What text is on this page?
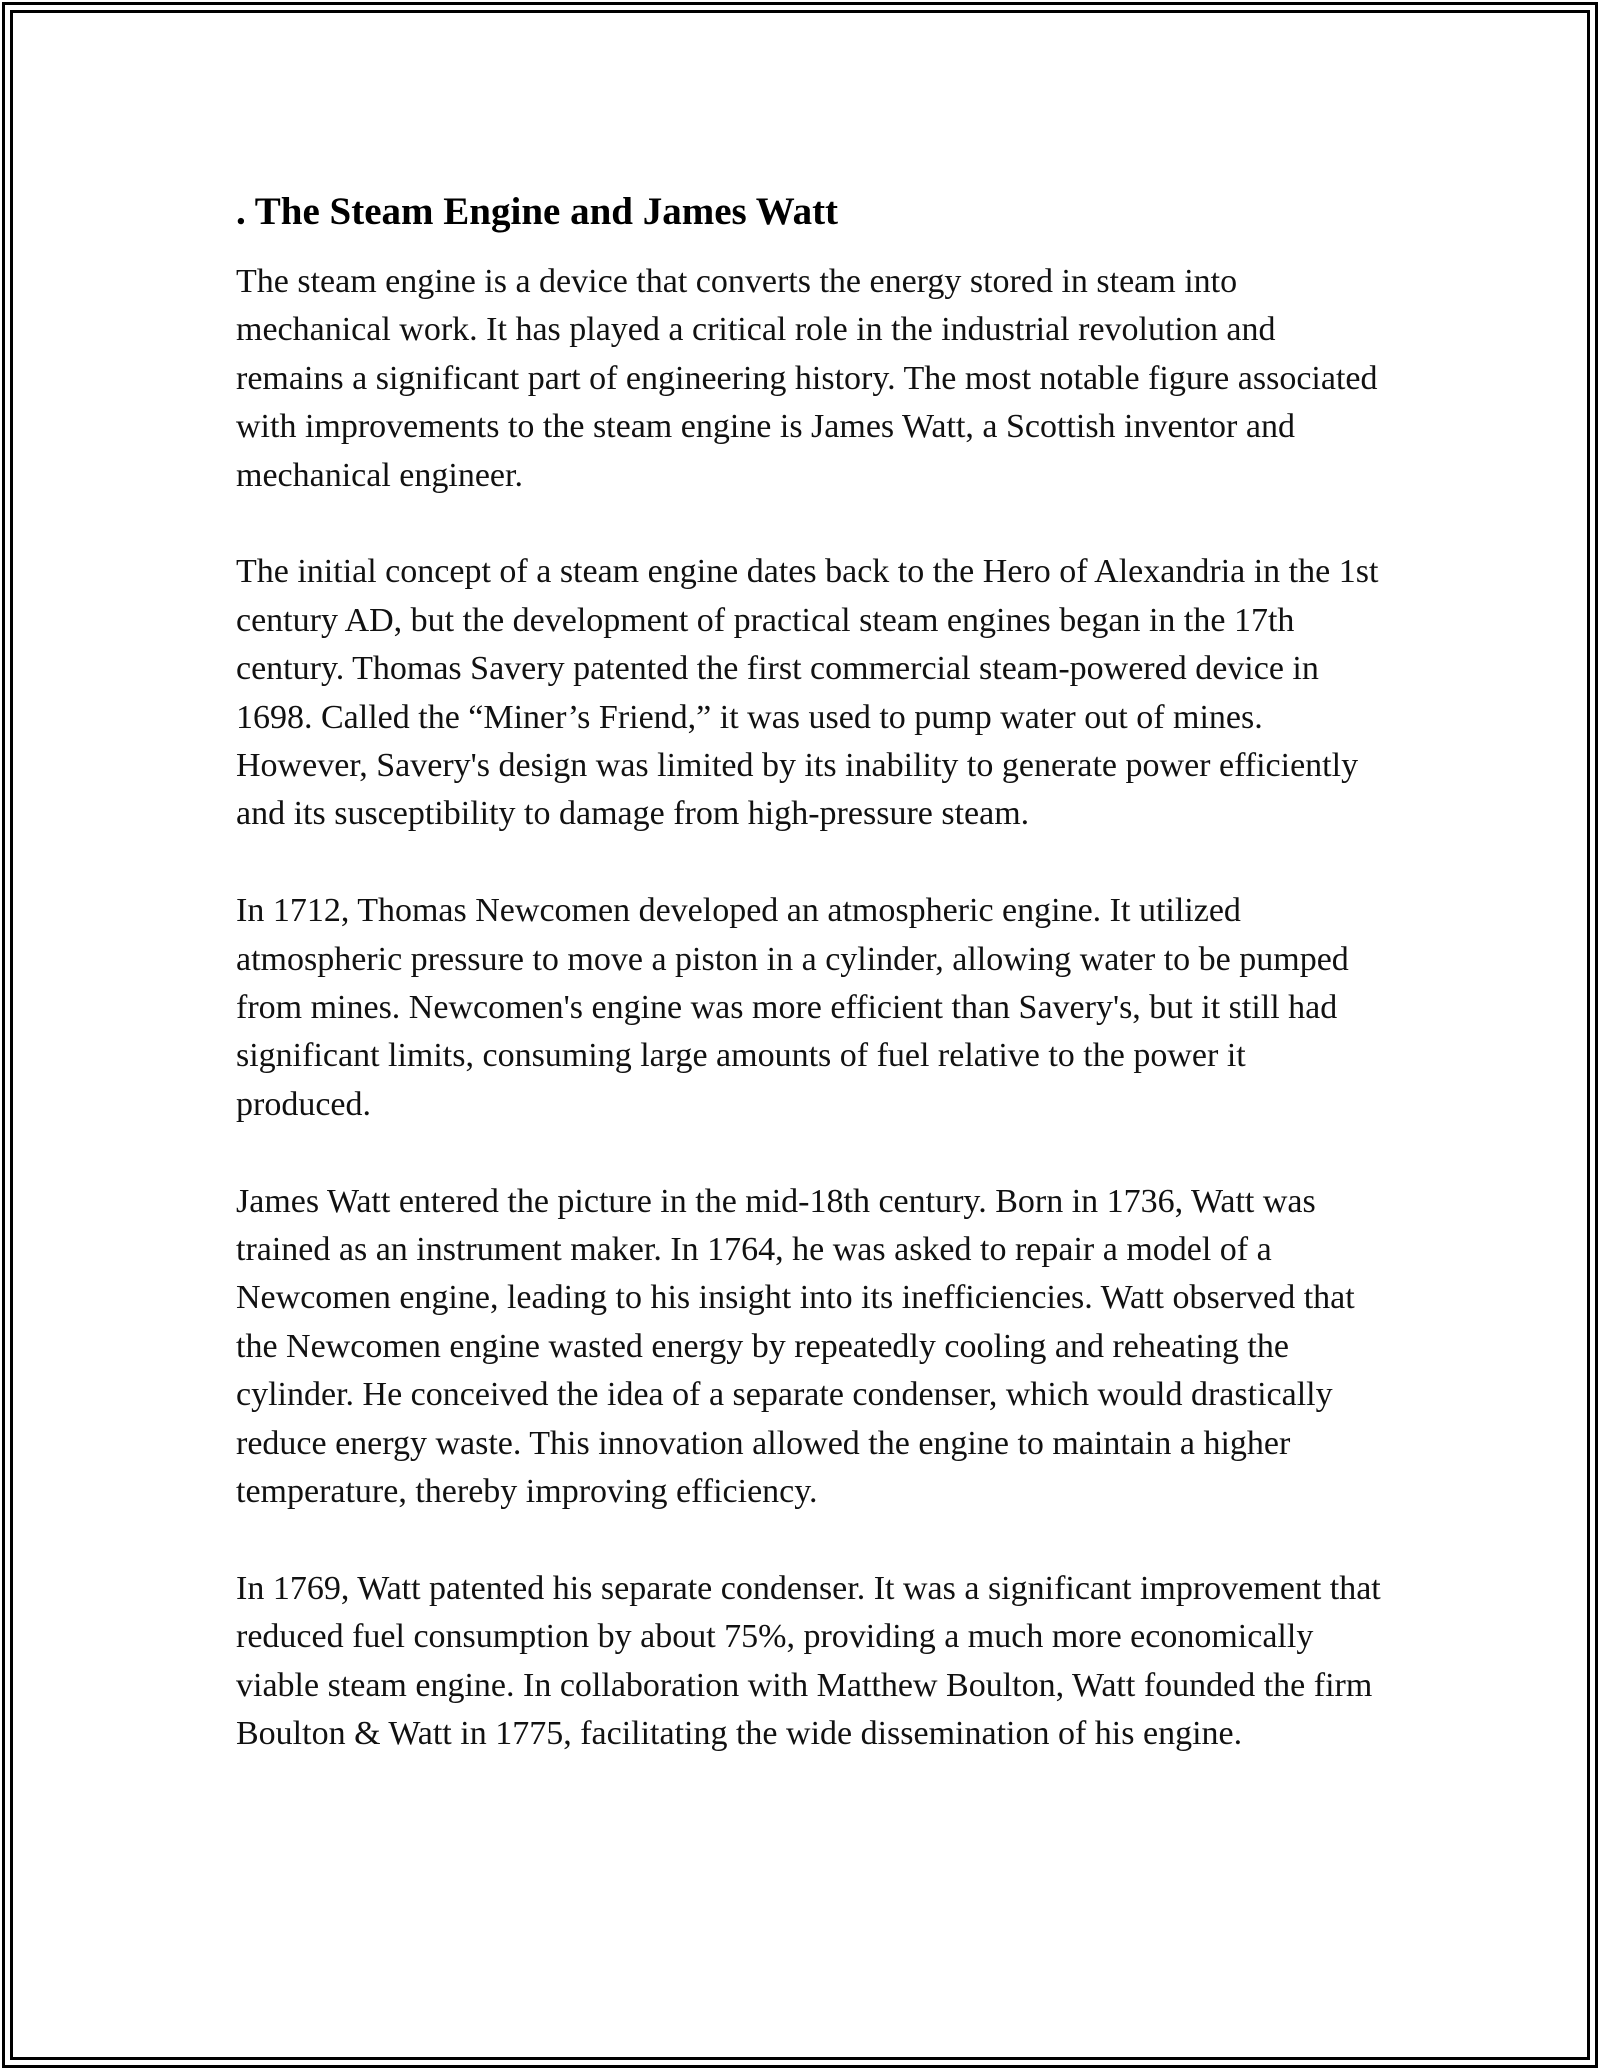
. The Steam Engine and James Watt

The steam engine is a device that converts the energy stored in steam into mechanical work. It has played a critical role in the industrial revolution and remains a significant part of engineering history. The most notable figure associated with improvements to the steam engine is James Watt, a Scottish inventor and mechanical engineer.

The initial concept of a steam engine dates back to the Hero of Alexandria in the 1st century AD, but the development of practical steam engines began in the 17th century. Thomas Savery patented the first commercial steam-powered device in 1698. Called the “Miner’s Friend,” it was used to pump water out of mines. However, Savery's design was limited by its inability to generate power efficiently and its susceptibility to damage from high-pressure steam.

In 1712, Thomas Newcomen developed an atmospheric engine. It utilized atmospheric pressure to move a piston in a cylinder, allowing water to be pumped from mines. Newcomen's engine was more efficient than Savery's, but it still had significant limits, consuming large amounts of fuel relative to the power it produced.

James Watt entered the picture in the mid-18th century. Born in 1736, Watt was trained as an instrument maker. In 1764, he was asked to repair a model of a Newcomen engine, leading to his insight into its inefficiencies. Watt observed that the Newcomen engine wasted energy by repeatedly cooling and reheating the cylinder. He conceived the idea of a separate condenser, which would drastically reduce energy waste. This innovation allowed the engine to maintain a higher temperature, thereby improving efficiency.

In 1769, Watt patented his separate condenser. It was a significant improvement that reduced fuel consumption by about 75%, providing a much more economically viable steam engine. In collaboration with Matthew Boulton, Watt founded the firm Boulton & Watt in 1775, facilitating the wide dissemination of his engine.
